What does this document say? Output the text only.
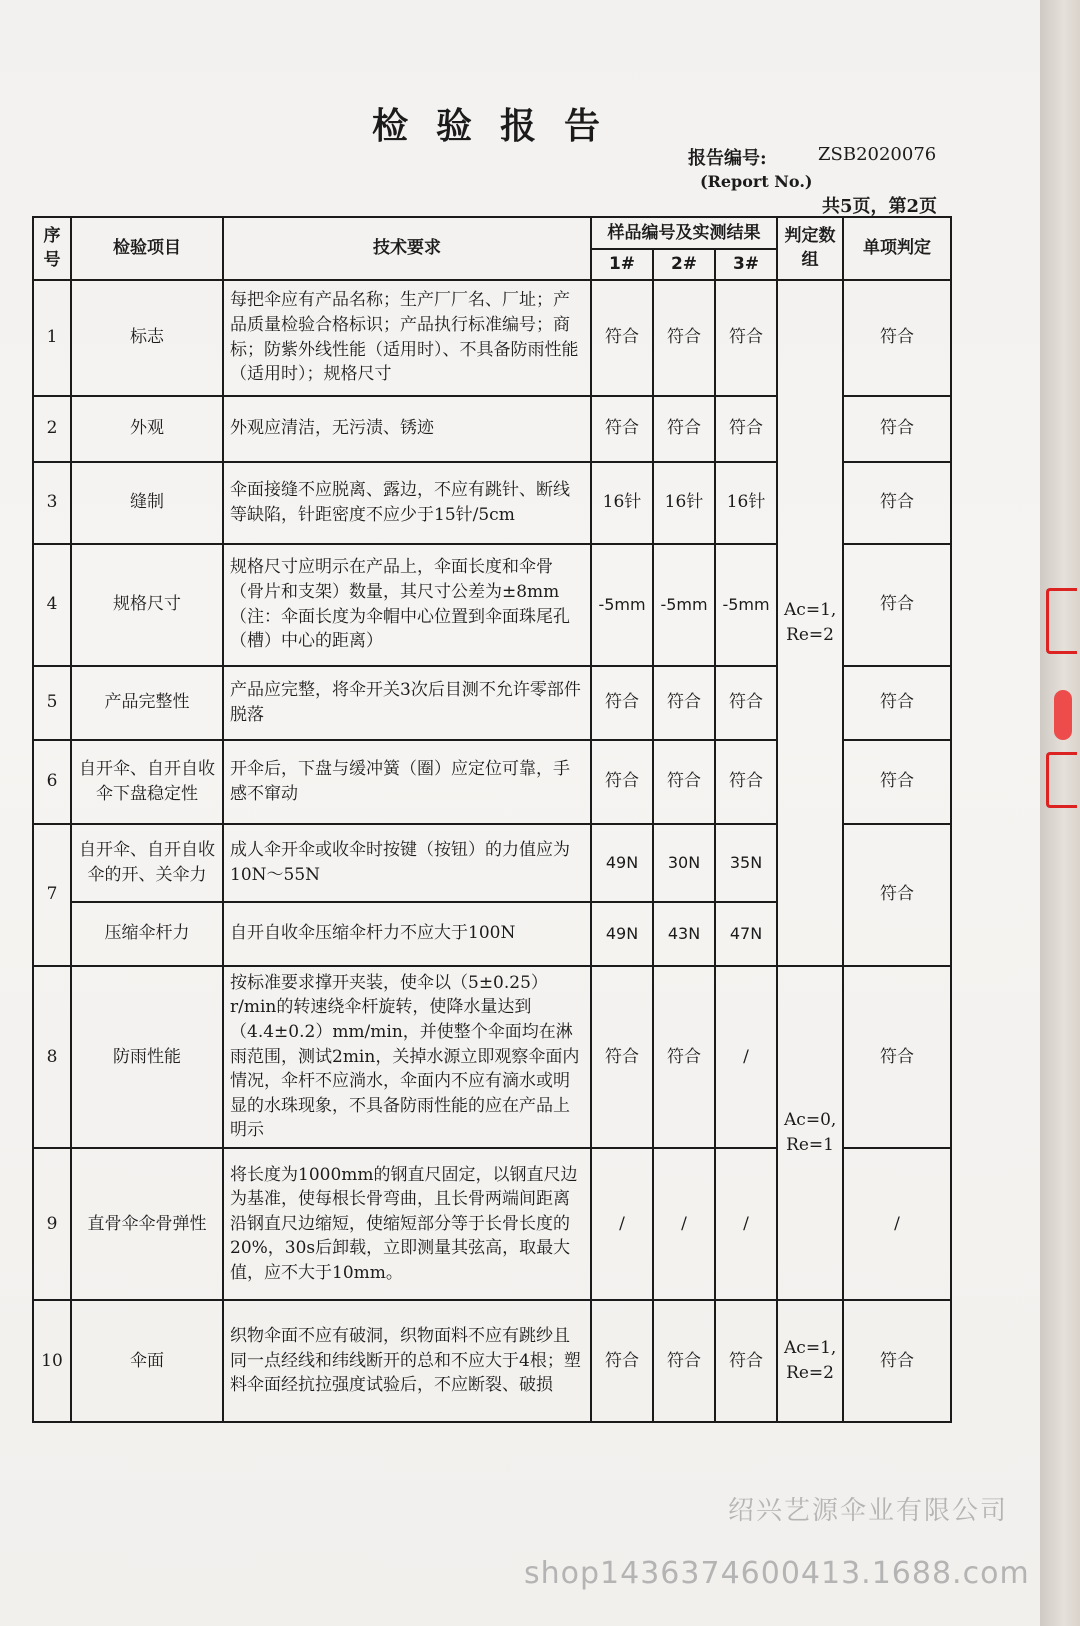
检验报告
报告编号:	ZSB2020076
(Report No.)
共5页，第2页
序号	检验项目	技术要求	样品编号及实测结果			判定数组	单项判定
			1#	2#	3#		
1	标志	每把伞应有产品名称；生产厂厂名、厂址；产品质量检验合格标识；产品执行标准编号；商标；防紫外线性能（适用时）、不具备防雨性能（适用时）；规格尺寸	符合	符合	符合	Ac=1, Re=2	符合
2	外观	外观应清洁，无污渍、锈迹	符合	符合	符合		符合
3	缝制	伞面接缝不应脱离、露边，不应有跳针、断线等缺陷，针距密度不应少于15针/5cm	16针	16针	16针		符合
4	规格尺寸	规格尺寸应明示在产品上，伞面长度和伞骨（骨片和支架）数量，其尺寸公差为±8mm（注：伞面长度为伞帽中心位置到伞面珠尾孔（槽）中心的距离）	-5mm	-5mm	-5mm		符合
5	产品完整性	产品应完整，将伞开关3次后目测不允许零部件脱落	符合	符合	符合		符合
6	自开伞、自开自收伞下盘稳定性	开伞后，下盘与缓冲簧（圈）应定位可靠，手感不窜动	符合	符合	符合		符合
7	自开伞、自开自收伞的开、关伞力	成人伞开伞或收伞时按键（按钮）的力值应为10N～55N	49N	30N	35N		符合
	压缩伞杆力	自开自收伞压缩伞杆力不应大于100N	49N	43N	47N		
8	防雨性能	按标准要求撑开夹装，使伞以（5±0.25）r/min的转速绕伞杆旋转，使降水量达到（4.4±0.2）mm/min，并使整个伞面均在淋雨范围，测试2min，关掉水源立即观察伞面内情况，伞杆不应淌水，伞面内不应有滴水或明显的水珠现象，不具备防雨性能的应在产品上明示	符合	符合	/	Ac=0, Re=1	符合
9	直骨伞伞骨弹性	将长度为1000mm的钢直尺固定，以钢直尺边为基准，使每根长骨弯曲，且长骨两端间距离沿钢直尺边缩短，使缩短部分等于长骨长度的20%，30s后卸载，立即测量其弦高，取最大值，应不大于10mm。	/	/	/		/
10	伞面	织物伞面不应有破洞，织物面料不应有跳纱且同一点经线和纬线断开的总和不应大于4根；塑料伞面经抗拉强度试验后，不应断裂、破损	符合	符合	符合	Ac=1, Re=2	符合
绍兴艺源伞业有限公司
shop1436374600413.1688.com
